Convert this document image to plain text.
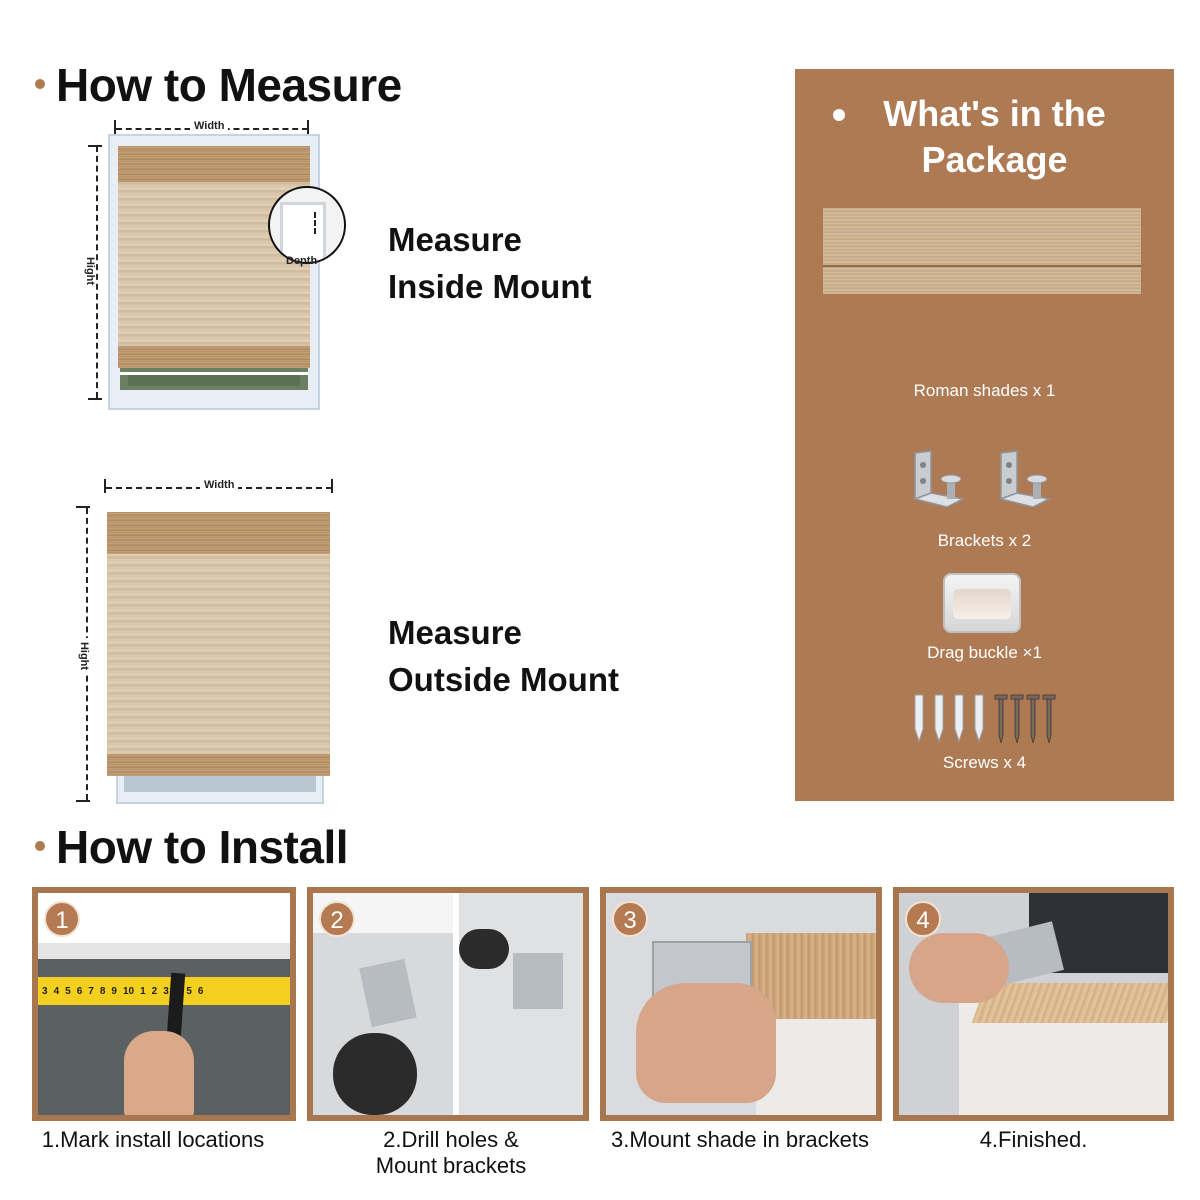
How to Measure
Width
Hight	Depth
Measure
Inside Mount
Width
Hight
Measure
Outside Mount
What's in the
Package
Roman shades x 1
Brackets x 2
Drag buckle ×1
Screws x 4
How to Install
3 4 5 6 7 8 9 10 1 2 3 5 6
1	2	3	4
1.Mark install locations	2.Drill holes &
Mount brackets
3.Mount shade in brackets	4.Finished.
